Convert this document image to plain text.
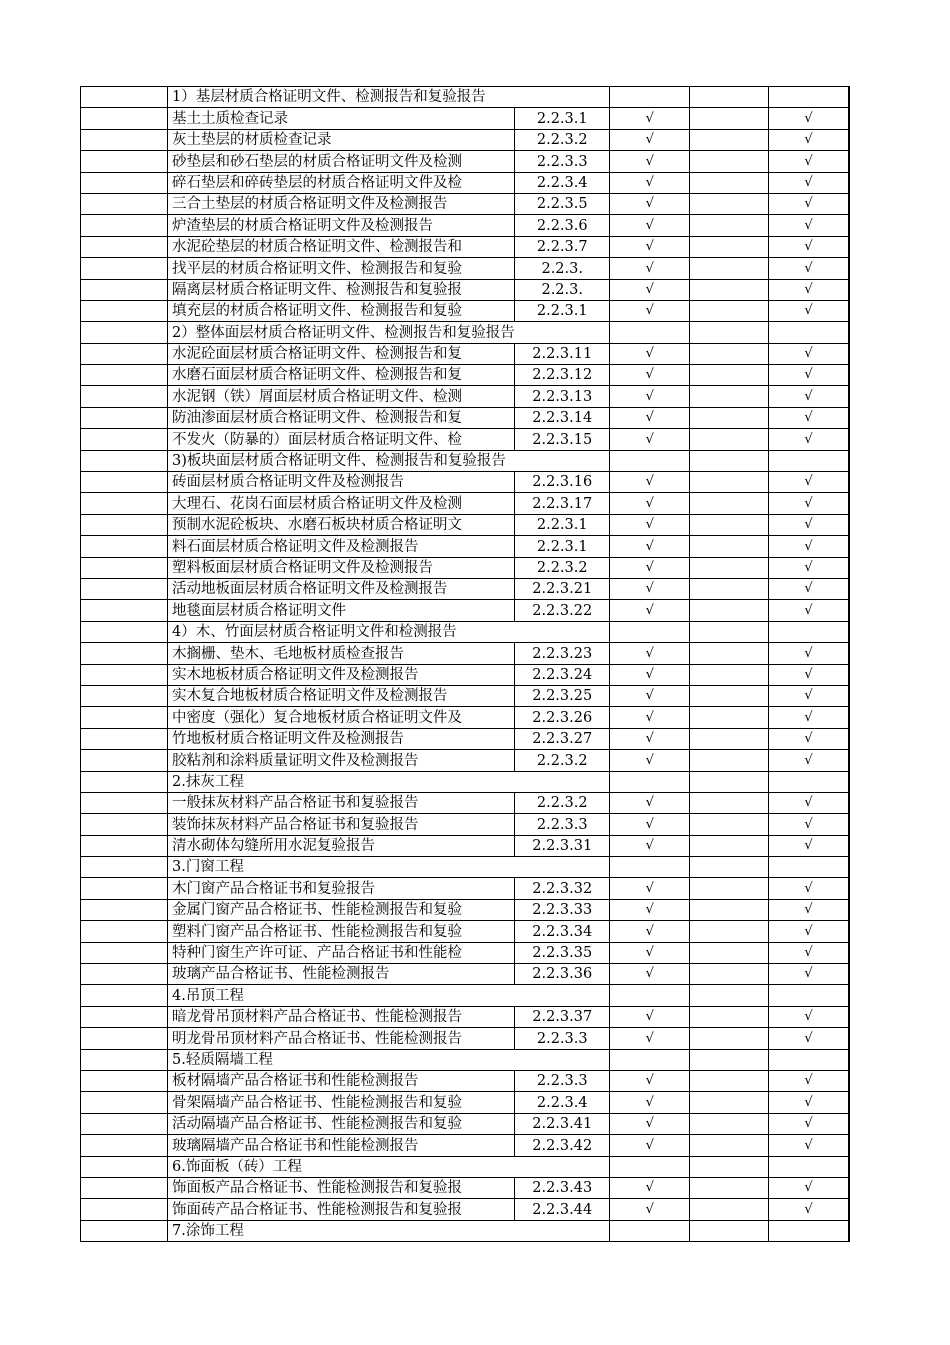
	1）基层材质合格证明文件、检测报告和复验报告				
	基土土质检查记录	2.2.3.1	√		√
	灰土垫层的材质检查记录	2.2.3.2	√		√
	砂垫层和砂石垫层的材质合格证明文件及检测	2.2.3.3	√		√
	碎石垫层和碎砖垫层的材质合格证明文件及检	2.2.3.4	√		√
	三合土垫层的材质合格证明文件及检测报告	2.2.3.5	√		√
	炉渣垫层的材质合格证明文件及检测报告	2.2.3.6	√		√
	水泥砼垫层的材质合格证明文件、检测报告和	2.2.3.7	√		√
	找平层的材质合格证明文件、检测报告和复验	2.2.3.	√		√
	隔离层材质合格证明文件、检测报告和复验报	2.2.3.	√		√
	填充层的材质合格证明文件、检测报告和复验	2.2.3.1	√		√
	2）整体面层材质合格证明文件、检测报告和复验报告				
	水泥砼面层材质合格证明文件、检测报告和复	2.2.3.11	√		√
	水磨石面层材质合格证明文件、检测报告和复	2.2.3.12	√		√
	水泥钢（铁）屑面层材质合格证明文件、检测	2.2.3.13	√		√
	防油渗面层材质合格证明文件、检测报告和复	2.2.3.14	√		√
	不发火（防暴的）面层材质合格证明文件、检	2.2.3.15	√		√
	3)板块面层材质合格证明文件、检测报告和复验报告				
	砖面层材质合格证明文件及检测报告	2.2.3.16	√		√
	大理石、花岗石面层材质合格证明文件及检测	2.2.3.17	√		√
	预制水泥砼板块、水磨石板块材质合格证明文	2.2.3.1	√		√
	料石面层材质合格证明文件及检测报告	2.2.3.1	√		√
	塑料板面层材质合格证明文件及检测报告	2.2.3.2	√		√
	活动地板面层材质合格证明文件及检测报告	2.2.3.21	√		√
	地毯面层材质合格证明文件	2.2.3.22	√		√
	4）木、竹面层材质合格证明文件和检测报告				
	木搁栅、垫木、毛地板材质检查报告	2.2.3.23	√		√
	实木地板材质合格证明文件及检测报告	2.2.3.24	√		√
	实木复合地板材质合格证明文件及检测报告	2.2.3.25	√		√
	中密度（强化）复合地板材质合格证明文件及	2.2.3.26	√		√
	竹地板材质合格证明文件及检测报告	2.2.3.27	√		√
	胶粘剂和涂料质量证明文件及检测报告	2.2.3.2	√		√
	2.抹灰工程				
	一般抹灰材料产品合格证书和复验报告	2.2.3.2	√		√
	装饰抹灰材料产品合格证书和复验报告	2.2.3.3	√		√
	清水砌体勾缝所用水泥复验报告	2.2.3.31	√		√
	3.门窗工程				
	木门窗产品合格证书和复验报告	2.2.3.32	√		√
	金属门窗产品合格证书、性能检测报告和复验	2.2.3.33	√		√
	塑料门窗产品合格证书、性能检测报告和复验	2.2.3.34	√		√
	特种门窗生产许可证、产品合格证书和性能检	2.2.3.35	√		√
	玻璃产品合格证书、性能检测报告	2.2.3.36	√		√
	4.吊顶工程				
	暗龙骨吊顶材料产品合格证书、性能检测报告	2.2.3.37	√		√
	明龙骨吊顶材料产品合格证书、性能检测报告	2.2.3.3	√		√
	5.轻质隔墙工程				
	板材隔墙产品合格证书和性能检测报告	2.2.3.3	√		√
	骨架隔墙产品合格证书、性能检测报告和复验	2.2.3.4	√		√
	活动隔墙产品合格证书、性能检测报告和复验	2.2.3.41	√		√
	玻璃隔墙产品合格证书和性能检测报告	2.2.3.42	√		√
	6.饰面板（砖）工程				
	饰面板产品合格证书、性能检测报告和复验报	2.2.3.43	√		√
	饰面砖产品合格证书、性能检测报告和复验报	2.2.3.44	√		√
	7.涂饰工程				
